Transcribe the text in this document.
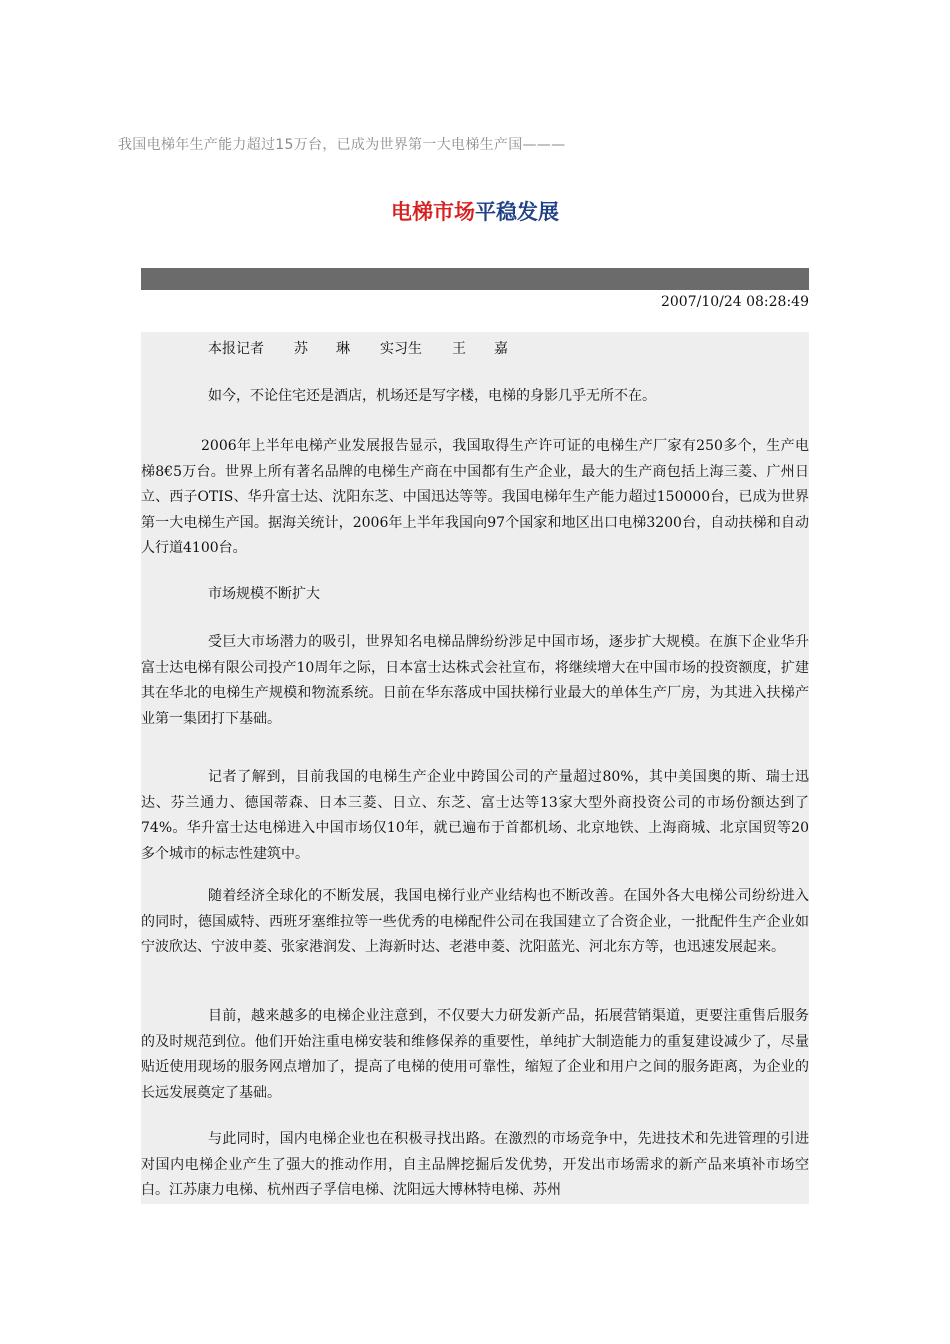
我国电梯年生产能力超过15万台，已成为世界第一大电梯生产国———
电梯市场平稳发展
2007/10/24 08:28:49

本报记者 苏　　琳 实习生 王　　嘉

如今，不论住宅还是酒店，机场还是写字楼，电梯的身影几乎无所不在。

2006年上半年电梯产业发展报告显示，我国取得生产许可证的电梯生产厂家有250多个，生产电梯8€5万台。世界上所有著名品牌的电梯生产商在中国都有生产企业，最大的生产商包括上海三菱、广州日立、西子OTIS、华升富士达、沈阳东芝、中国迅达等等。我国电梯年生产能力超过150000台，已成为世界第一大电梯生产国。据海关统计，2006年上半年我国向97个国家和地区出口电梯3200台，自动扶梯和自动人行道4100台。

市场规模不断扩大

受巨大市场潜力的吸引，世界知名电梯品牌纷纷涉足中国市场，逐步扩大规模。在旗下企业华升富士达电梯有限公司投产10周年之际，日本富士达株式会社宣布，将继续增大在中国市场的投资额度，扩建其在华北的电梯生产规模和物流系统。日前在华东落成中国扶梯行业最大的单体生产厂房，为其进入扶梯产业第一集团打下基础。

记者了解到，目前我国的电梯生产企业中跨国公司的产量超过80%，其中美国奥的斯、瑞士迅达、芬兰通力、德国蒂森、日本三菱、日立、东芝、富士达等13家大型外商投资公司的市场份额达到了74%。华升富士达电梯进入中国市场仅10年，就已遍布于首都机场、北京地铁、上海商城、北京国贸等20多个城市的标志性建筑中。

随着经济全球化的不断发展，我国电梯行业产业结构也不断改善。在国外各大电梯公司纷纷进入的同时，德国威特、西班牙塞维拉等一些优秀的电梯配件公司在我国建立了合资企业，一批配件生产企业如宁波欣达、宁波申菱、张家港润发、上海新时达、老港申菱、沈阳蓝光、河北东方等，也迅速发展起来。

目前，越来越多的电梯企业注意到，不仅要大力研发新产品，拓展营销渠道，更要注重售后服务的及时规范到位。他们开始注重电梯安装和维修保养的重要性，单纯扩大制造能力的重复建设减少了，尽量贴近使用现场的服务网点增加了，提高了电梯的使用可靠性，缩短了企业和用户之间的服务距离，为企业的长远发展奠定了基础。

与此同时，国内电梯企业也在积极寻找出路。在激烈的市场竞争中，先进技术和先进管理的引进对国内电梯企业产生了强大的推动作用，自主品牌挖掘后发优势，开发出市场需求的新产品来填补市场空白。江苏康力电梯、杭州西子孚信电梯、沈阳远大博林特电梯、苏州
